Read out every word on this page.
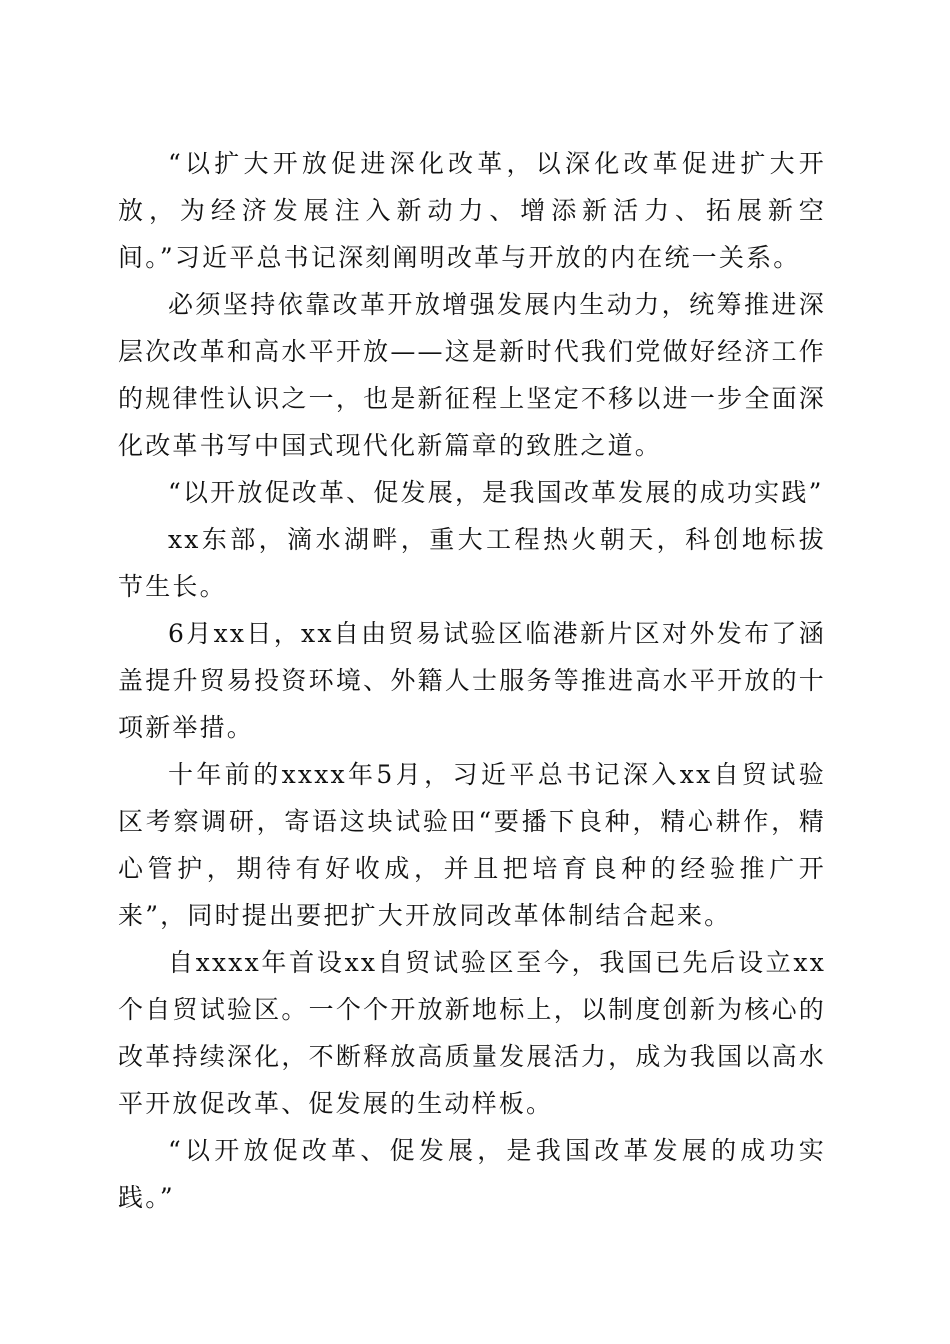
“以扩大开放促进深化改革，以深化改革促进扩大开放，为经济发展注入新动力、增添新活力、拓展新空间。”习近平总书记深刻阐明改革与开放的内在统一关系。

必须坚持依靠改革开放增强发展内生动力，统筹推进深层次改革和高水平开放——这是新时代我们党做好经济工作的规律性认识之一，也是新征程上坚定不移以进一步全面深化改革书写中国式现代化新篇章的致胜之道。

“以开放促改革、促发展，是我国改革发展的成功实践”

xx东部，滴水湖畔，重大工程热火朝天，科创地标拔节生长。

6月xx日，xx自由贸易试验区临港新片区对外发布了涵盖提升贸易投资环境、外籍人士服务等推进高水平开放的十项新举措。

十年前的xxxx年5月，习近平总书记深入xx自贸试验区考察调研，寄语这块试验田“要播下良种，精心耕作，精心管护，期待有好收成，并且把培育良种的经验推广开来”，同时提出要把扩大开放同改革体制结合起来。

自xxxx年首设xx自贸试验区至今，我国已先后设立xx个自贸试验区。一个个开放新地标上，以制度创新为核心的改革持续深化，不断释放高质量发展活力，成为我国以高水平开放促改革、促发展的生动样板。

“以开放促改革、促发展，是我国改革发展的成功实践。”
